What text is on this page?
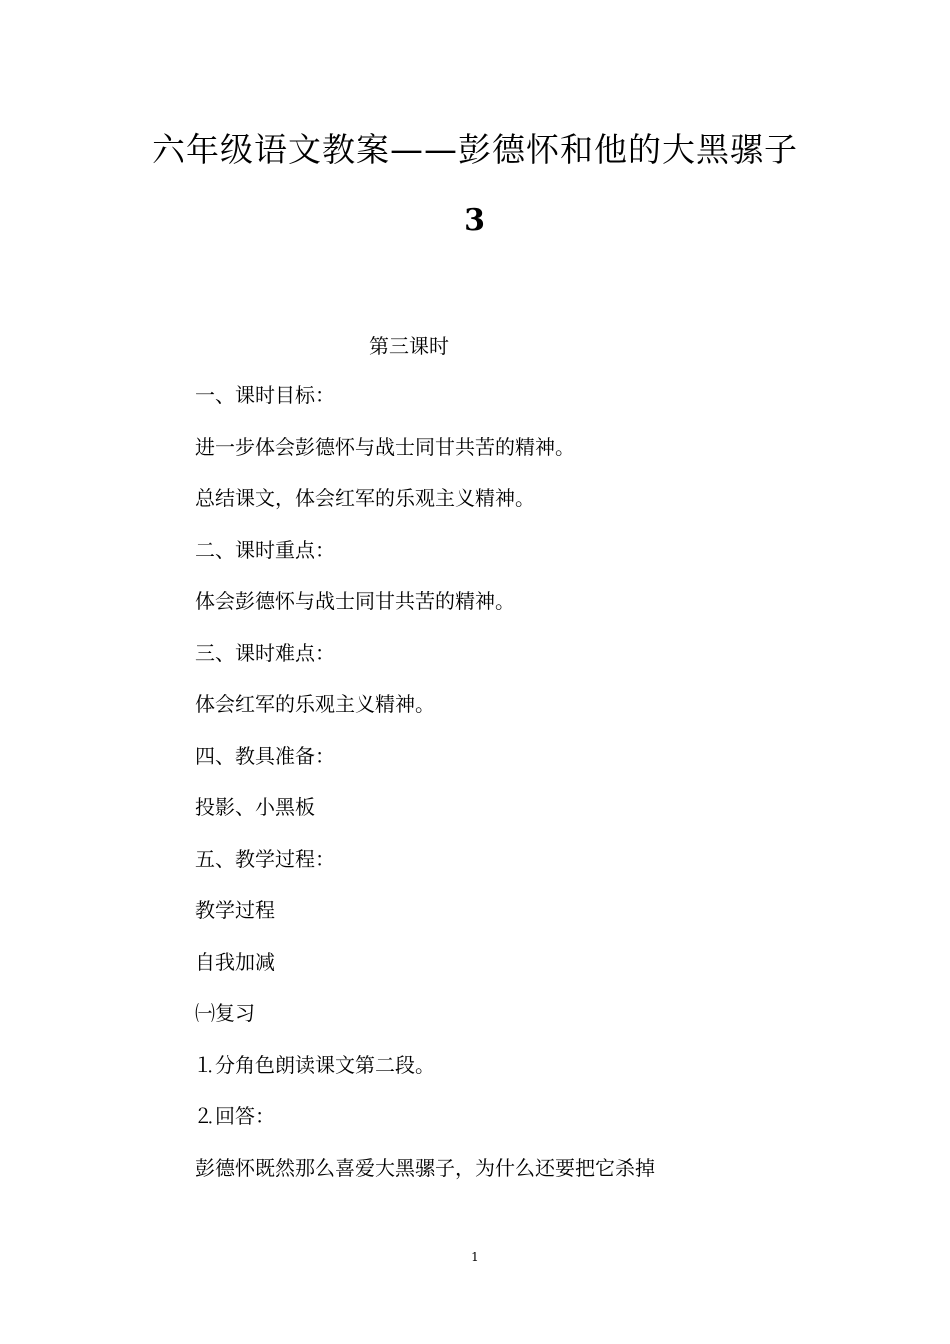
六年级语文教案——彭德怀和他的大黑骡子
3
第三课时
一、课时目标：
进一步体会彭德怀与战士同甘共苦的精神。
总结课文，体会红军的乐观主义精神。
二、课时重点：
体会彭德怀与战士同甘共苦的精神。
三、课时难点：
体会红军的乐观主义精神。
四、教具准备：
投影、小黑板
五、教学过程：
教学过程
自我加减
㈠复习
⒈分角色朗读课文第二段。
⒉回答：
彭德怀既然那么喜爱大黑骡子，为什么还要把它杀掉
1
